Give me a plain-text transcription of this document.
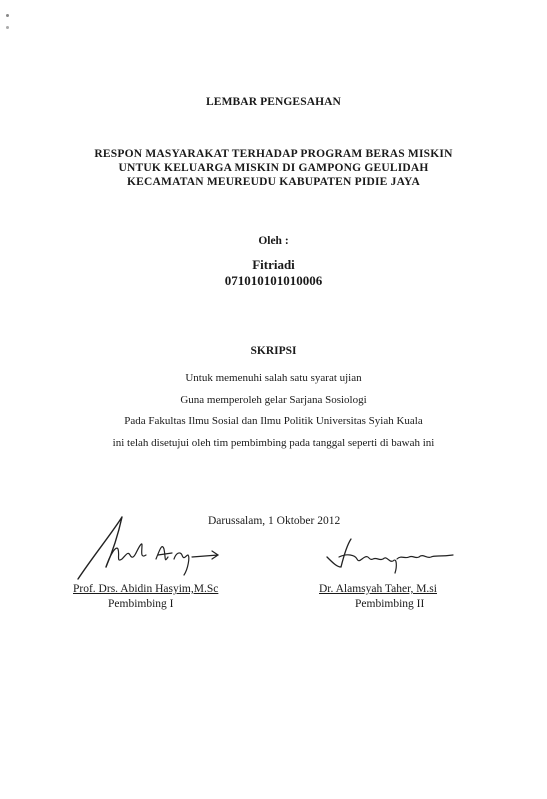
LEMBAR PENGESAHAN
RESPON MASYARAKAT TERHADAP PROGRAM BERAS MISKIN
UNTUK KELUARGA MISKIN DI GAMPONG GEULIDAH
KECAMATAN MEUREUDU KABUPATEN PIDIE JAYA
Oleh :
Fitriadi
071010101010006
SKRIPSI
Untuk memenuhi salah satu syarat ujian
Guna memperoleh gelar Sarjana Sosiologi
Pada Fakultas Ilmu Sosial dan Ilmu Politik Universitas Syiah Kuala
ini telah disetujui oleh tim pembimbing pada tanggal seperti di bawah ini
Darussalam, 1 Oktober 2012
Prof. Drs. Abidin Hasyim,M.Sc
Pembimbing I
Dr. Alamsyah Taher, M.si
Pembimbing II
